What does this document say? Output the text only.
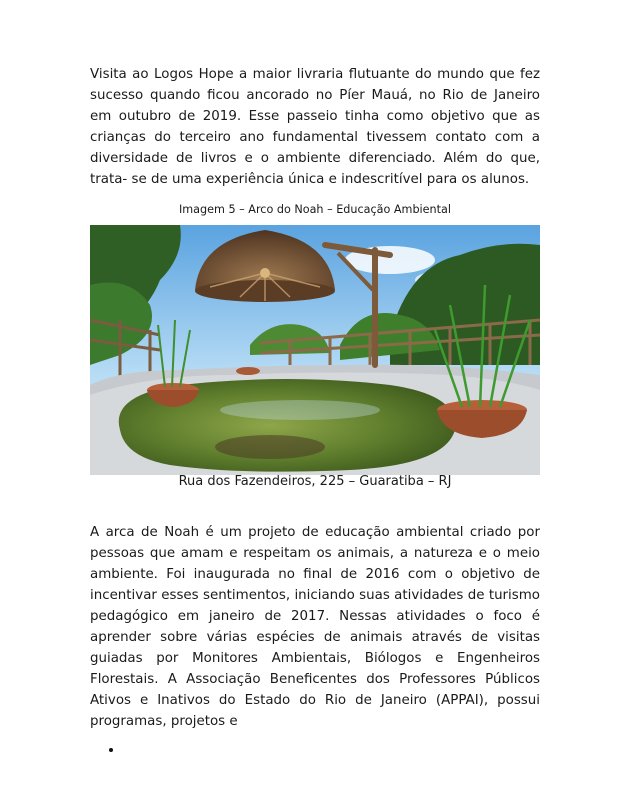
Visita ao Logos Hope a maior livraria flutuante do mundo que fez sucesso quando ficou ancorado no Píer Mauá, no Rio de Janeiro em outubro de 2019. Esse passeio tinha como objetivo que as crianças do terceiro ano fundamental tivessem contato com a diversidade de livros e o ambiente diferenciado. Além do que, trata- se de uma experiência única e indescritível para os alunos.

Imagem 5 – Arco do Noah – Educação Ambiental

Rua dos Fazendeiros, 225 – Guaratiba – RJ

A arca de Noah é um projeto de educação ambiental criado por pessoas que amam e respeitam os animais, a natureza e o meio ambiente. Foi inaugurada no final de 2016 com o objetivo de incentivar esses sentimentos, iniciando suas atividades de turismo pedagógico em janeiro de 2017. Nessas atividades o foco é aprender sobre várias espécies de animais através de visitas guiadas por Monitores Ambientais, Biólogos e Engenheiros Florestais. A Associação Beneficentes dos Professores Públicos Ativos e Inativos do Estado do Rio de Janeiro (APPAI), possui programas, projetos e
